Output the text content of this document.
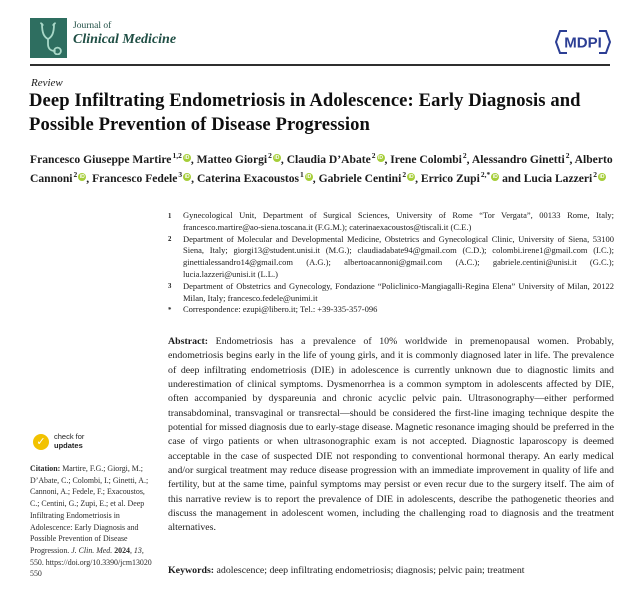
Journal of
Clinical Medicine	MDPI
Review
Deep Infiltrating Endometriosis in Adolescence: Early Diagnosis and Possible Prevention of Disease Progression
Francesco Giuseppe Martire$^{1,2}$ iD , Matteo Giorgi$^2$ iD , Claudia D’Abate$^2$ iD , Irene Colombi$^2$, Alessandro Ginetti$^2$, Alberto Cannoni$^2$ iD , Francesco Fedele$^3$ iD , Caterina Exacoustos$^1$ iD , Gabriele Centini$^2$ iD , Errico Zupi$^{2,*}$ iD and Lucia Lazzeri$^2$ iD
1	Gynecological Unit, Department of Surgical Sciences, University of Rome “Tor Vergata”, 00133 Rome, Italy; francesco.martire@ao-siena.toscana.it (F.G.M.); caterinaexacoustos@tiscali.it (C.E.)
2	Department of Molecular and Developmental Medicine, Obstetrics and Gynecological Clinic, University of Siena, 53100 Siena, Italy; giorgi13@student.unisi.it (M.G.); claudiadabate94@gmail.com (C.D.); colombi.irene1@gmail.com (I.C.); ginettialessandro14@gmail.com (A.G.); albertoacannoni@gmail.com (A.C.); gabriele.centini@unisi.it (G.C.); lucia.lazzeri@unisi.it (L.L.)
3	Department of Obstetrics and Gynecology, Fondazione “Policlinico-Mangiagalli-Regina Elena” University of Milan, 20122 Milan, Italy; francesco.fedele@unimi.it
*	Correspondence: ezupi@libero.it; Tel.: +39-335-357-096
Abstract: Endometriosis has a prevalence of 10% worldwide in premenopausal women. Probably, endometriosis begins early in the life of young girls, and it is commonly diagnosed later in life. The prevalence of deep infiltrating endometriosis (DIE) in adolescence is currently unknown due to diagnostic limits and underestimation of clinical symptoms. Dysmenorrhea is a common symptom in adolescents affected by DIE, often accompanied by dyspareunia and chronic acyclic pelvic pain. Ultrasonography—either performed transabdominal, transvaginal or transrectal—should be considered the first-line imaging technique despite the potential for missed diagnosis due to early-stage disease. Magnetic resonance imaging should be preferred in the case of virgo patients or when ultrasonographic exam is not accepted. Diagnostic laparoscopy is deemed acceptable in the case of suspected DIE not responding to conventional hormonal therapy. An early medical and/or surgical treatment may reduce disease progression with an immediate improvement in quality of life and fertility, but at the same time, painful symptoms may persist or even recur due to the surgery itself. The aim of this narrative review is to report the prevalence of DIE in adolescents, describe the pathogenetic theories and discuss the management in adolescent women, including the challenging road to diagnosis and the treatment alternatives.
Keywords: adolescence; deep infiltrating endometriosis; diagnosis; pelvic pain; treatment
✓	check for
updates
Citation: Martire, F.G.; Giorgi, M.; D’Abate, C.; Colombi, I.; Ginetti, A.; Cannoni, A.; Fedele, F.; Exacoustos, C.; Centini, G.; Zupi, E.; et al. Deep Infiltrating Endometriosis in Adolescence: Early Diagnosis and Possible Prevention of Disease Progression. J. Clin. Med. 2024, 13, 550. https://doi.org/10.3390/jcm13020550
